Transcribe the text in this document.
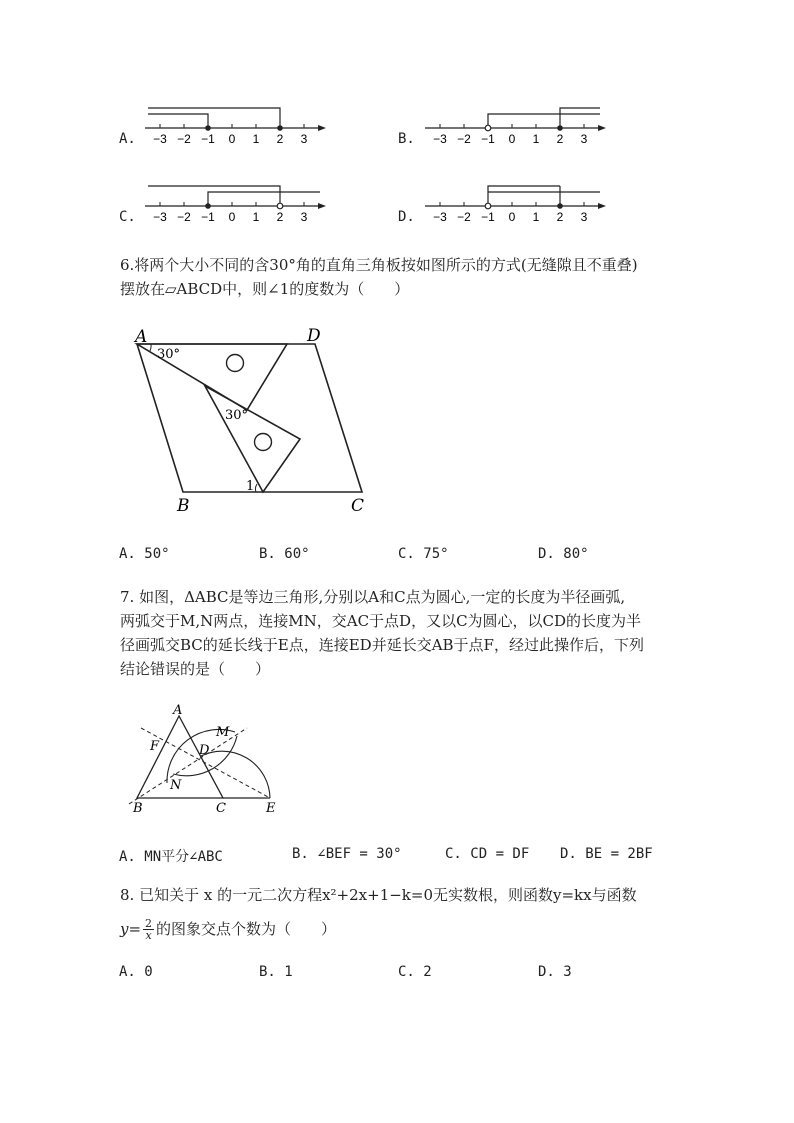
A. −3 −2 −1 0 1 2 3	B. −3 −2 −1 0 1 2 3
C. −3 −2 −1 0 1 2 3	D. −3 −2 −1 0 1 2 3
6.将两个大小不同的含30°角的直角三角板按如图所示的方式(无缝隙且不重叠)
摆放在▱ABCD中，则∠1的度数为（　　）
A	D
B	C
30°
30°
1
A. 50°	B. 60°	C. 75°	D. 80°
7. 如图，ΔABC是等边三角形,分别以A和C点为圆心,一定的长度为半径画弧,
两弧交于M,N两点，连接MN，交AC于点D，又以C为圆心，以CD的长度为半
径画弧交BC的延长线于E点，连接ED并延长交AB于点F，经过此操作后，下列
结论错误的是（　　）
A
F
M
D
N
B	C	E
A. MN平分∠ABC	B. ∠BEF = 30°	C. CD = DF D. BE = 2BF
8. 已知关于 x 的一元二次方程x²+2x+1−k=0无实数根，则函数y=kx与函数
$y= \frac{2}{x}$ 的图象交点个数为（　　）
A. 0	B. 1	C. 2	D. 3
